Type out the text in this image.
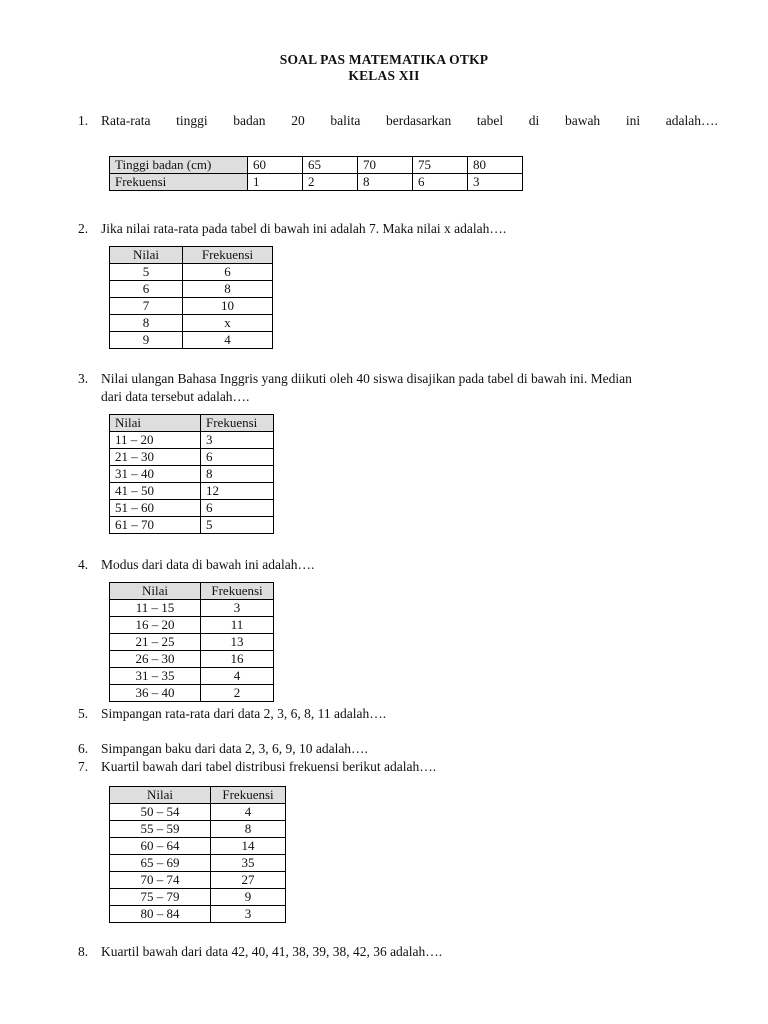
SOAL PAS MATEMATIKA OTKP
KELAS XII
1. Rata-rata tinggi badan 20 balita berdasarkan tabel di bawah ini adalah….
Tinggi badan (cm)	60	65	70	75	80
Frekuensi	1	2	8	6	3
2. Jika nilai rata-rata pada tabel di bawah ini adalah 7. Maka nilai x adalah….
Nilai	Frekuensi
5	6
6	8
7	10
8	x
9	4
3. Nilai ulangan Bahasa Inggris yang diikuti oleh 40 siswa disajikan pada tabel di bawah ini. Median
dari data tersebut adalah….
Nilai	Frekuensi
11 – 20	3
21 – 30	6
31 – 40	8
41 – 50	12
51 – 60	6
61 – 70	5
4. Modus dari data di bawah ini adalah….
Nilai	Frekuensi
11 – 15	3
16 – 20	11
21 – 25	13
26 – 30	16
31 – 35	4
36 – 40	2
5. Simpangan rata-rata dari data 2, 3, 6, 8, 11 adalah….
6. Simpangan baku dari data 2, 3, 6, 9, 10 adalah….
7. Kuartil bawah dari tabel distribusi frekuensi berikut adalah….
Nilai	Frekuensi
50 – 54	4
55 – 59	8
60 – 64	14
65 – 69	35
70 – 74	27
75 – 79	9
80 – 84	3
8. Kuartil bawah dari data 42, 40, 41, 38, 39, 38, 42, 36 adalah….
